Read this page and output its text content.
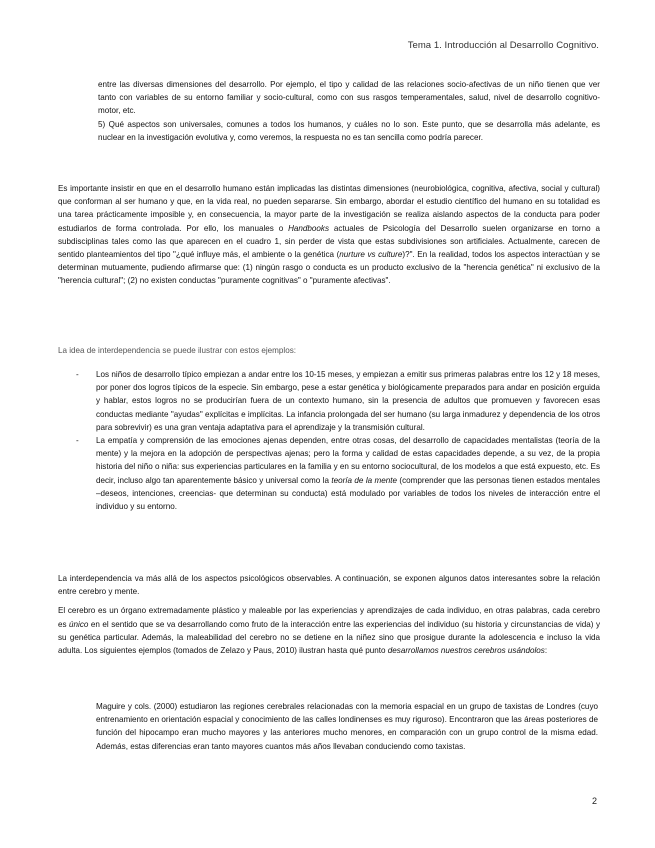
Tema 1. Introducción al Desarrollo Cognitivo.

entre las diversas dimensiones del desarrollo. Por ejemplo, el tipo y calidad de las relaciones socio-afectivas de un niño tienen que ver tanto con variables de su entorno familiar y socio-cultural, como con sus rasgos temperamentales, salud, nivel de desarrollo cognitivo-motor, etc.

5) Qué aspectos son universales, comunes a todos los humanos, y cuáles no lo son. Este punto, que se desarrolla más adelante, es nuclear en la investigación evolutiva y, como veremos, la respuesta no es tan sencilla como podría parecer.

Es importante insistir en que en el desarrollo humano están implicadas las distintas dimensiones (neurobiológica, cognitiva, afectiva, social y cultural) que conforman al ser humano y que, en la vida real, no pueden separarse. Sin embargo, abordar el estudio científico del humano en su totalidad es una tarea prácticamente imposible y, en consecuencia, la mayor parte de la investigación se realiza aislando aspectos de la conducta para poder estudiarlos de forma controlada. Por ello, los manuales o Handbooks actuales de Psicología del Desarrollo suelen organizarse en torno a subdisciplinas tales como las que aparecen en el cuadro 1, sin perder de vista que estas subdivisiones son artificiales. Actualmente, carecen de sentido planteamientos del tipo "¿qué influye más, el ambiente o la genética (nurture vs culture)?". En la realidad, todos los aspectos interactúan y se determinan mutuamente, pudiendo afirmarse que: (1) ningún rasgo o conducta es un producto exclusivo de la "herencia genética" ni exclusivo de la "herencia cultural"; (2) no existen conductas "puramente cognitivas" o "puramente afectivas".

La idea de interdependencia se puede ilustrar con estos ejemplos:
-	Los niños de desarrollo típico empiezan a andar entre los 10-15 meses, y empiezan a emitir sus primeras palabras entre los 12 y 18 meses, por poner dos logros típicos de la especie. Sin embargo, pese a estar genética y biológicamente preparados para andar en posición erguida y hablar, estos logros no se producirían fuera de un contexto humano, sin la presencia de adultos que promueven y favorecen esas conductas mediante "ayudas" explícitas e implícitas. La infancia prolongada del ser humano (su larga inmadurez y dependencia de los otros para sobrevivir) es una gran ventaja adaptativa para el aprendizaje y la transmisión cultural.
-	La empatía y comprensión de las emociones ajenas dependen, entre otras cosas, del desarrollo de capacidades mentalistas (teoría de la mente) y la mejora en la adopción de perspectivas ajenas; pero la forma y calidad de estas capacidades depende, a su vez, de la propia historia del niño o niña: sus experiencias particulares en la familia y en su entorno sociocultural, de los modelos a que está expuesto, etc. Es decir, incluso algo tan aparentemente básico y universal como la teoría de la mente (comprender que las personas tienen estados mentales –deseos, intenciones, creencias- que determinan su conducta) está modulado por variables de todos los niveles de interacción entre el individuo y su entorno.

La interdependencia va más allá de los aspectos psicológicos observables. A continuación, se exponen algunos datos interesantes sobre la relación entre cerebro y mente.

El cerebro es un órgano extremadamente plástico y maleable por las experiencias y aprendizajes de cada individuo, en otras palabras, cada cerebro es único en el sentido que se va desarrollando como fruto de la interacción entre las experiencias del individuo (su historia y circunstancias de vida) y su genética particular. Además, la maleabilidad del cerebro no se detiene en la niñez sino que prosigue durante la adolescencia e incluso la vida adulta. Los siguientes ejemplos (tomados de Zelazo y Paus, 2010) ilustran hasta qué punto desarrollamos nuestros cerebros usándolos:

Maguire y cols. (2000) estudiaron las regiones cerebrales relacionadas con la memoria espacial en un grupo de taxistas de Londres (cuyo entrenamiento en orientación espacial y conocimiento de las calles londinenses es muy riguroso). Encontraron que las áreas posteriores de función del hipocampo eran mucho mayores y las anteriores mucho menores, en comparación con un grupo control de la misma edad. Además, estas diferencias eran tanto mayores cuantos más años llevaban conduciendo como taxistas.
2
